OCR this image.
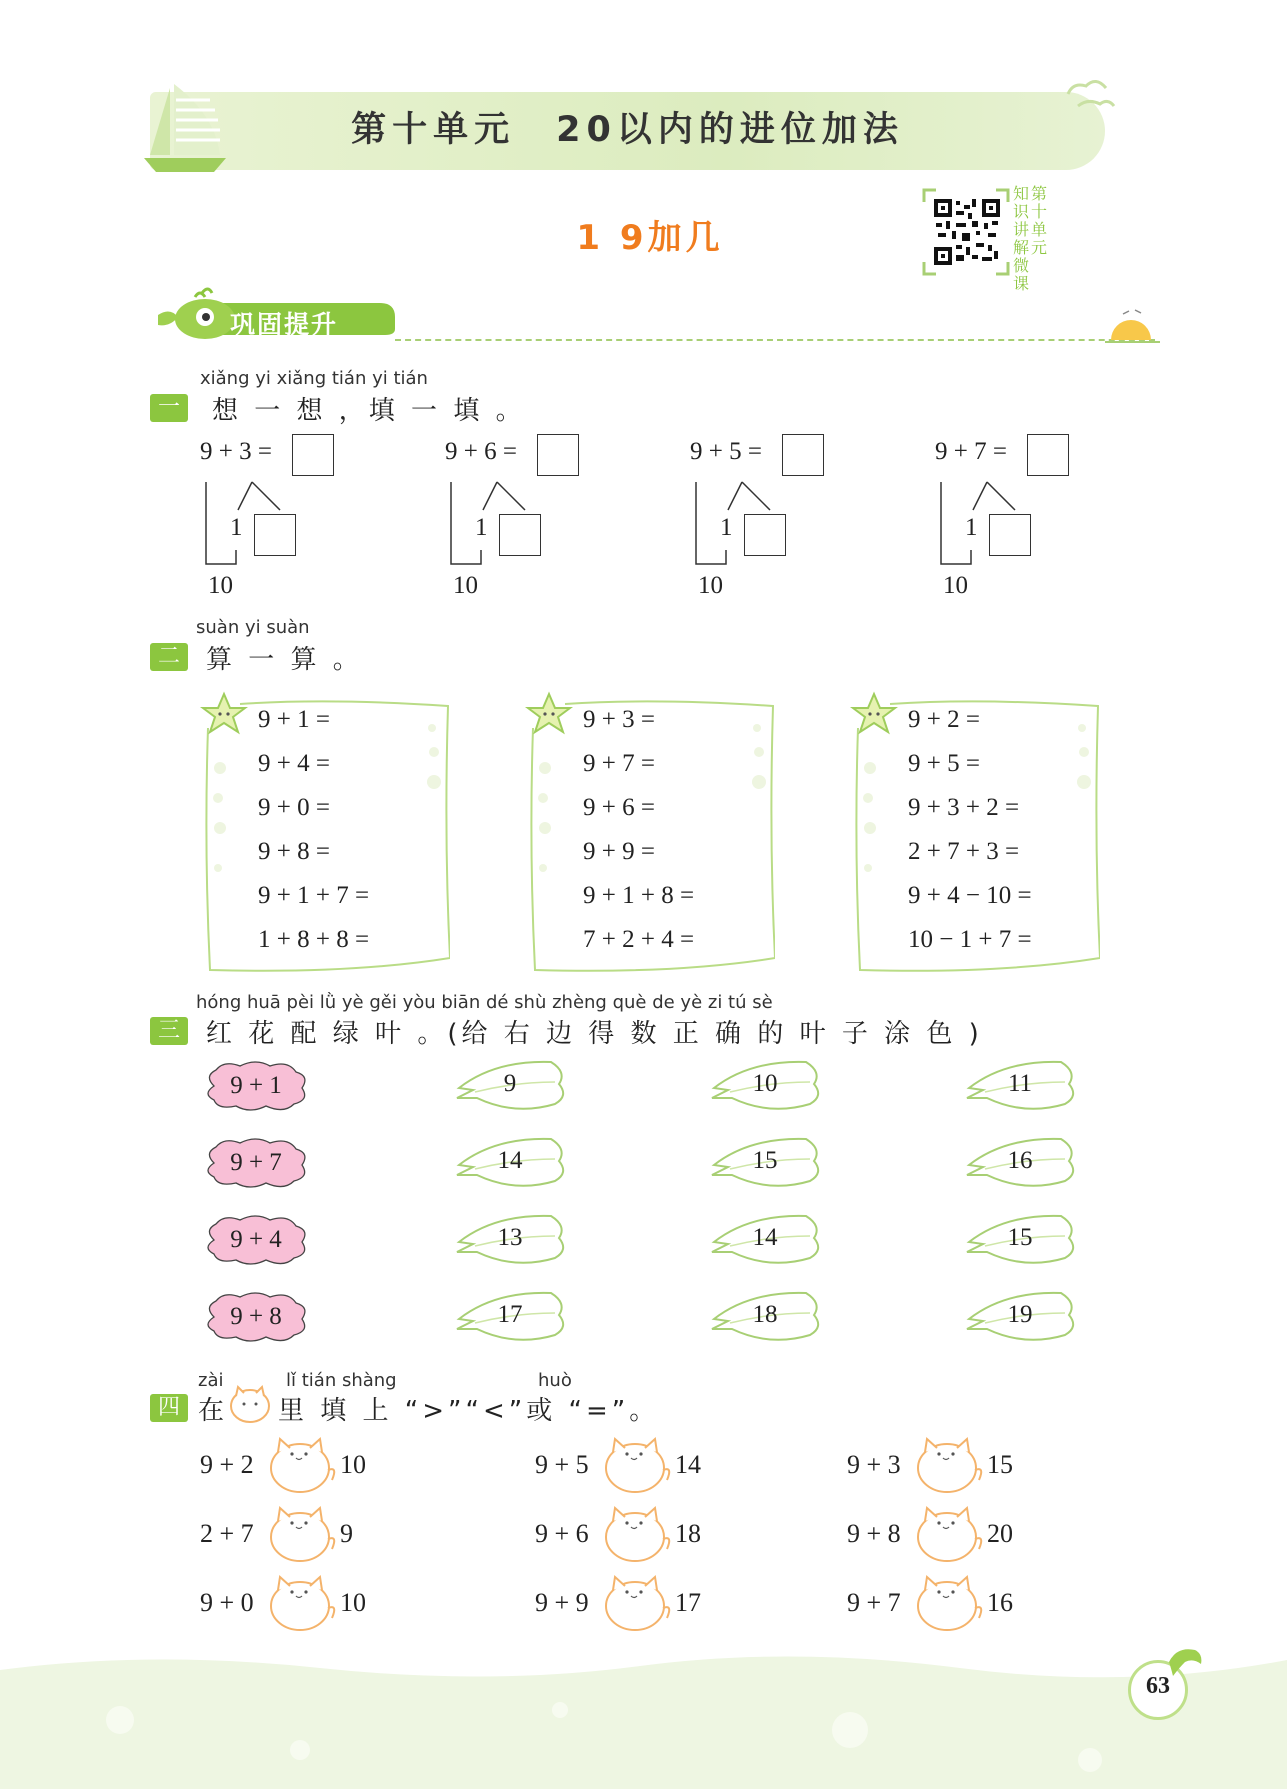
第十单元　20以内的进位加法
1 9加几
知识讲解微课
第十单元
巩固提升
xiǎng yi xiǎng tián yi tián
一	想 一 想 ，填 一 填 。
9 + 3 =
1
10
9 + 6 =
1
10
9 + 5 =
1
10
9 + 7 =
1
10
suàn yi suàn
二	算 一 算 。
9 + 1 =
9 + 4 =
9 + 0 =
9 + 8 =
9 + 1 + 7 =
1 + 8 + 8 =
9 + 3 =
9 + 7 =
9 + 6 =
9 + 9 =
9 + 1 + 8 =
7 + 2 + 4 =
9 + 2 =
9 + 5 =
9 + 3 + 2 =
2 + 7 + 3 =
9 + 4 − 10 =
10 − 1 + 7 =
hóng huā pèi lǜ yè gěi yòu biān dé shù zhèng què de yè zi tú sè
三	红 花 配 绿 叶 。(给 右 边 得 数 正 确 的 叶 子 涂 色 )
9 + 1	9	10	11
9 + 7	14	15	16
9 + 4	13	14	15
9 + 8	17	18	19
zài	lǐ tián shàng	huò
四 在 里 填 上 “>”“<”或 “=”。
9 + 2	10
2 + 7	9
9 + 0	10
9 + 5	14
9 + 6	18
9 + 9	17
9 + 3	15
9 + 8	20
9 + 7	16
63
